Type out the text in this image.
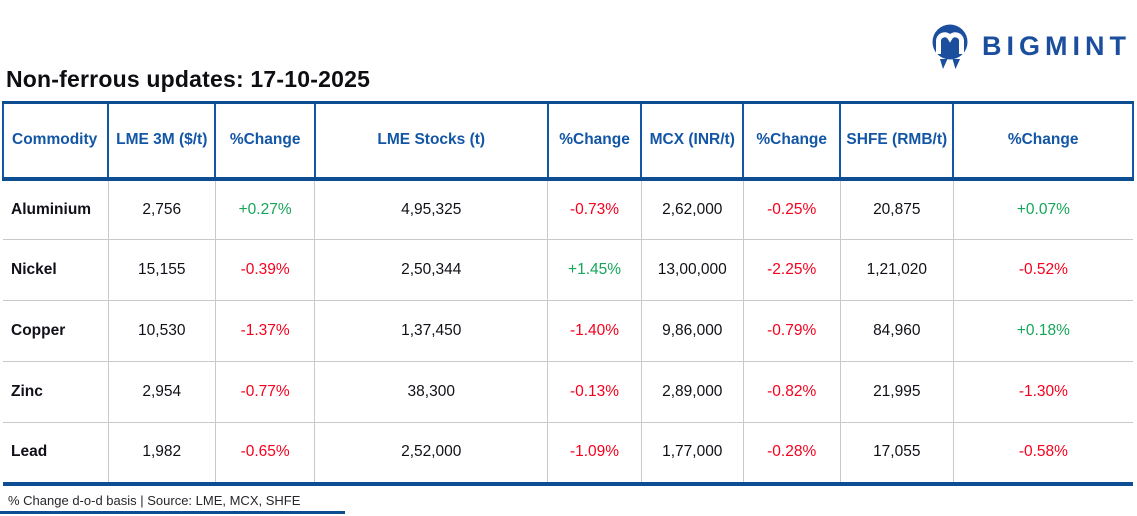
BIGMINT
Non-ferrous updates: 17-10-2025
Commodity	LME 3M ($/t)	%Change	LME Stocks (t)	%Change	MCX (INR/t)	%Change	SHFE (RMB/t)	%Change
Aluminium	2,756	+0.27%	4,95,325	-0.73%	2,62,000	-0.25%	20,875	+0.07%
Nickel	15,155	-0.39%	2,50,344	+1.45%	13,00,000	-2.25%	1,21,020	-0.52%
Copper	10,530	-1.37%	1,37,450	-1.40%	9,86,000	-0.79%	84,960	+0.18%
Zinc	2,954	-0.77%	38,300	-0.13%	2,89,000	-0.82%	21,995	-1.30%
Lead	1,982	-0.65%	2,52,000	-1.09%	1,77,000	-0.28%	17,055	-0.58%
% Change d-o-d basis | Source: LME, MCX, SHFE
